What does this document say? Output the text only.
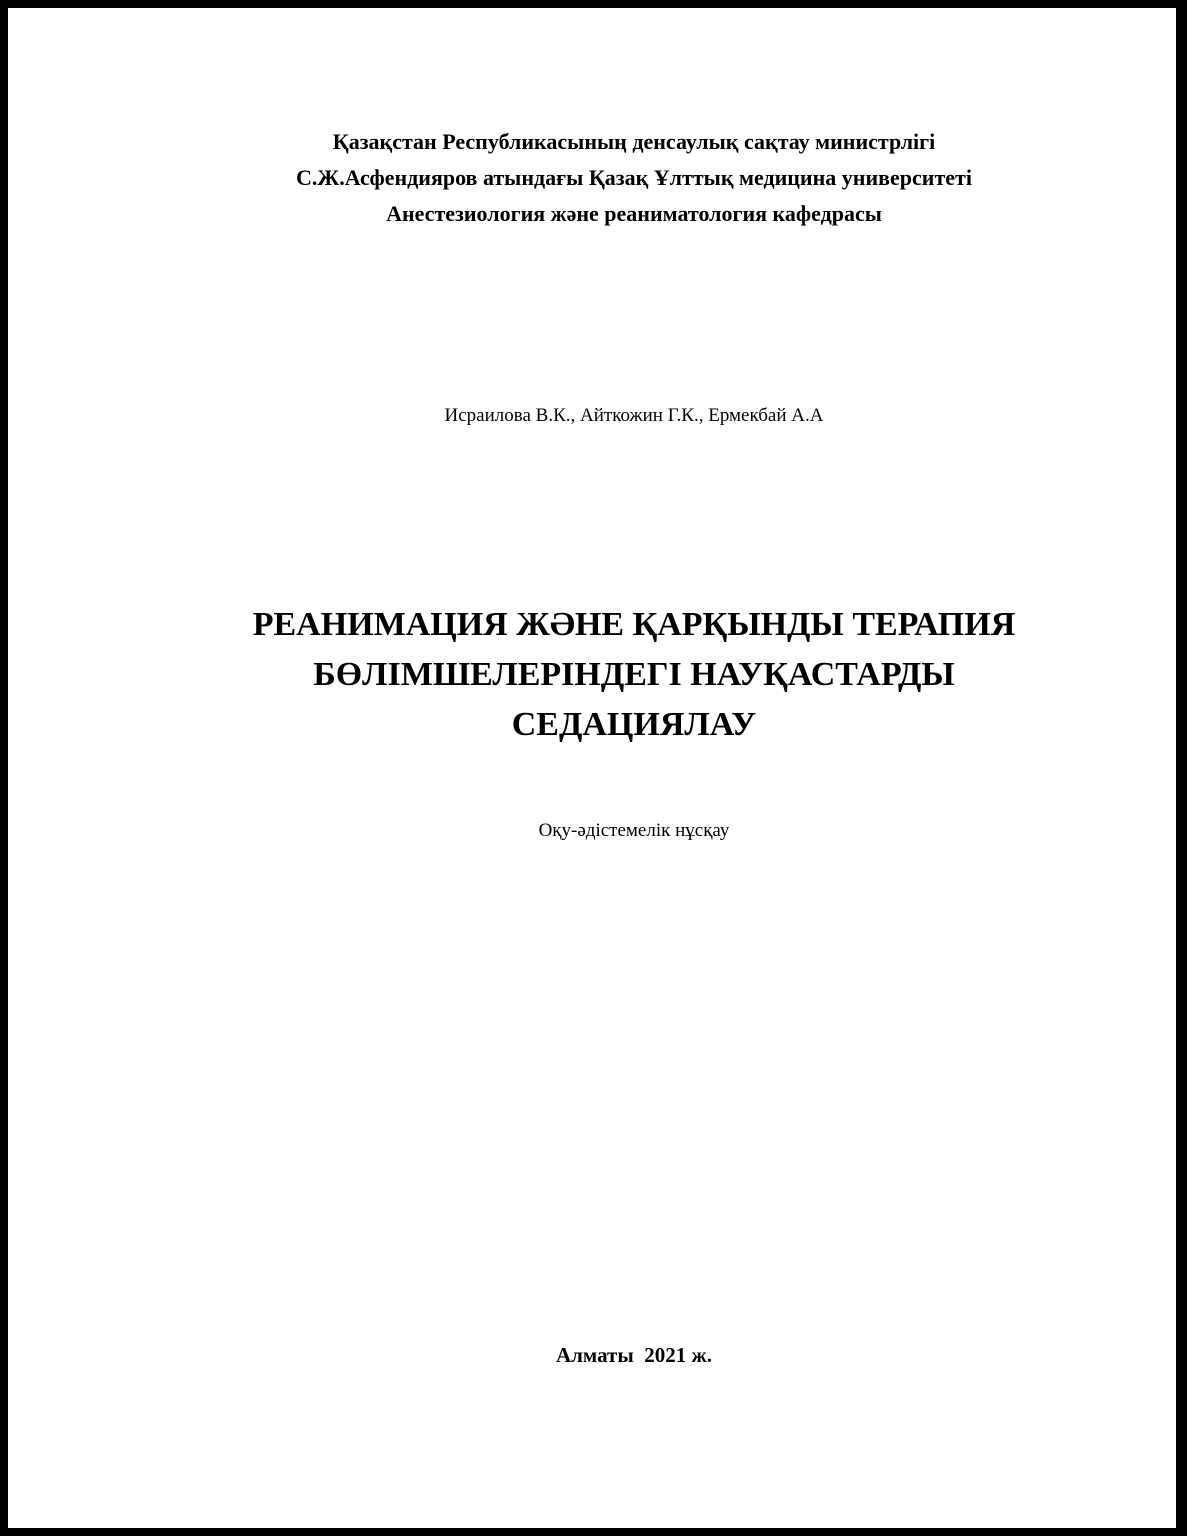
Қазақстан Республикасының денсаулық сақтау министрлігі
С.Ж.Асфендияров атындағы Қазақ Ұлттық медицина университеті
Анестезиология және реаниматология кафедрасы
Исраилова В.К., Айткожин Г.К., Ермекбай А.А
РЕАНИМАЦИЯ ЖӘНЕ ҚАРҚЫНДЫ ТЕРАПИЯ
БӨЛІМШЕЛЕРІНДЕГІ НАУҚАСТАРДЫ
СЕДАЦИЯЛАУ
Оқу-әдістемелік нұсқау
Алматы  2021 ж.
